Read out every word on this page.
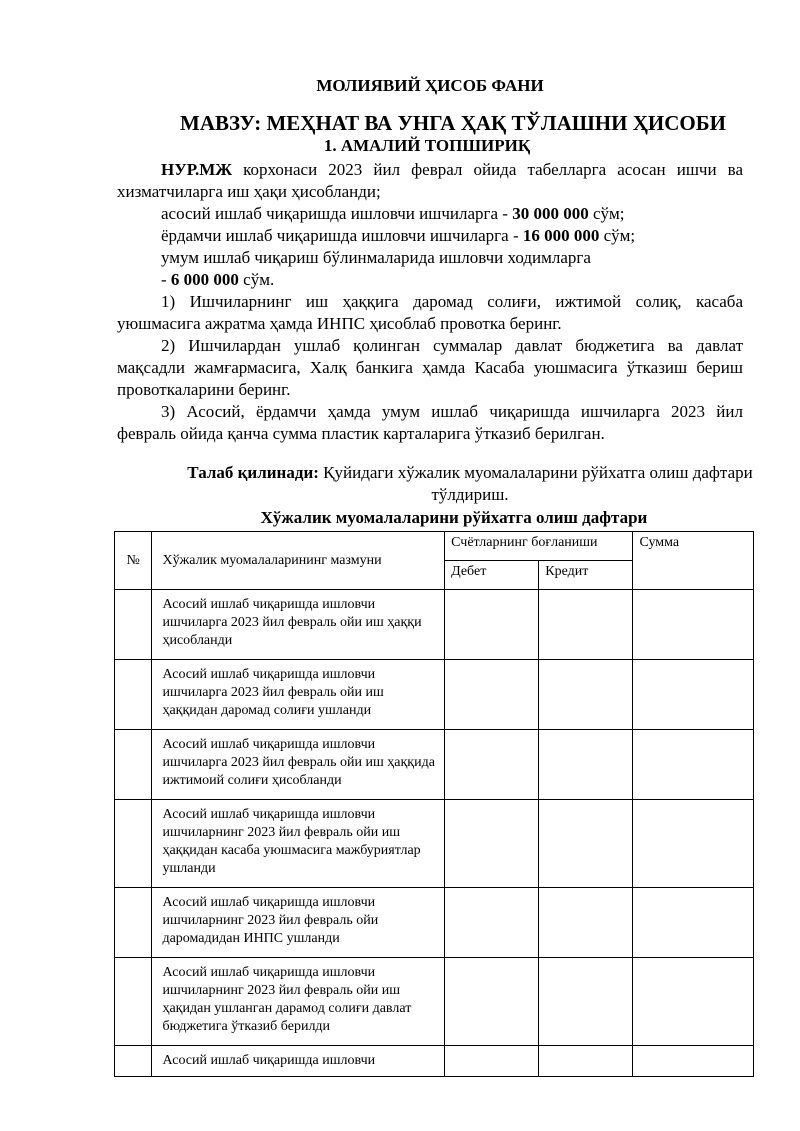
МОЛИЯВИЙ ҲИСОБ ФАНИ
МАВЗУ: МЕҲНАТ ВА УНГА ҲАҚ ТЎЛАШНИ ҲИСОБИ
1. АМАЛИЙ ТОПШИРИҚ
НУР.МЖ корхонаси 2023 йил феврал ойида табелларга асосан ишчи ва хизматчиларга иш ҳақи ҳисобланди;
асосий ишлаб чиқаришда ишловчи ишчиларга - 30 000 000 сўм;
ёрдамчи ишлаб чиқаришда ишловчи ишчиларга - 16 000 000 сўм;
умум ишлаб чиқариш бўлинмаларида ишловчи ходимларга
- 6 000 000 сўм.
1) Ишчиларнинг иш ҳаққига даромад солиғи, ижтимой солиқ, касаба уюшмасига ажратма ҳамда ИНПС ҳисоблаб провотка беринг.
2) Ишчилардан ушлаб қолинган суммалар давлат бюджетига ва давлат мақсадли жамғармасига, Халқ банкига ҳамда Касаба уюшмасига ўтказиш бериш провоткаларини беринг.
3) Асосий, ёрдамчи ҳамда умум ишлаб чиқаришда ишчиларга 2023 йил февраль ойида қанча сумма пластик карталарига ўтказиб берилган.
Талаб қилинади: Қуйидаги хўжалик муомалаларини рўйхатга олиш дафтари тўлдириш.
Хўжалик муомалаларини рўйхатга олиш дафтари
№	Хўжалик муомалаларининг мазмуни	Счётларнинг боғланиши		Сумма
		Дебет	Кредит	
	Асосий ишлаб чиқаришда ишловчи ишчиларга 2023 йил февраль ойи иш ҳаққи ҳисобланди			
	Асосий ишлаб чиқаришда ишловчи ишчиларга 2023 йил февраль ойи иш ҳаққидан даромад солиғи ушланди			
	Асосий ишлаб чиқаришда ишловчи ишчиларга 2023 йил февраль ойи иш ҳаққида ижтимоий солиғи ҳисобланди			
	Асосий ишлаб чиқаришда ишловчи ишчиларнинг 2023 йил февраль ойи иш ҳаққидан касаба уюшмасига мажбуриятлар ушланди			
	Асосий ишлаб чиқаришда ишловчи ишчиларнинг 2023 йил февраль ойи даромадидан ИНПС ушланди			
	Асосий ишлаб чиқаришда ишловчи ишчиларнинг 2023 йил февраль ойи иш ҳақидан ушланган дарамод солиғи давлат бюджетига ўтказиб берилди			
	Асосий ишлаб чиқаришда ишловчи			
